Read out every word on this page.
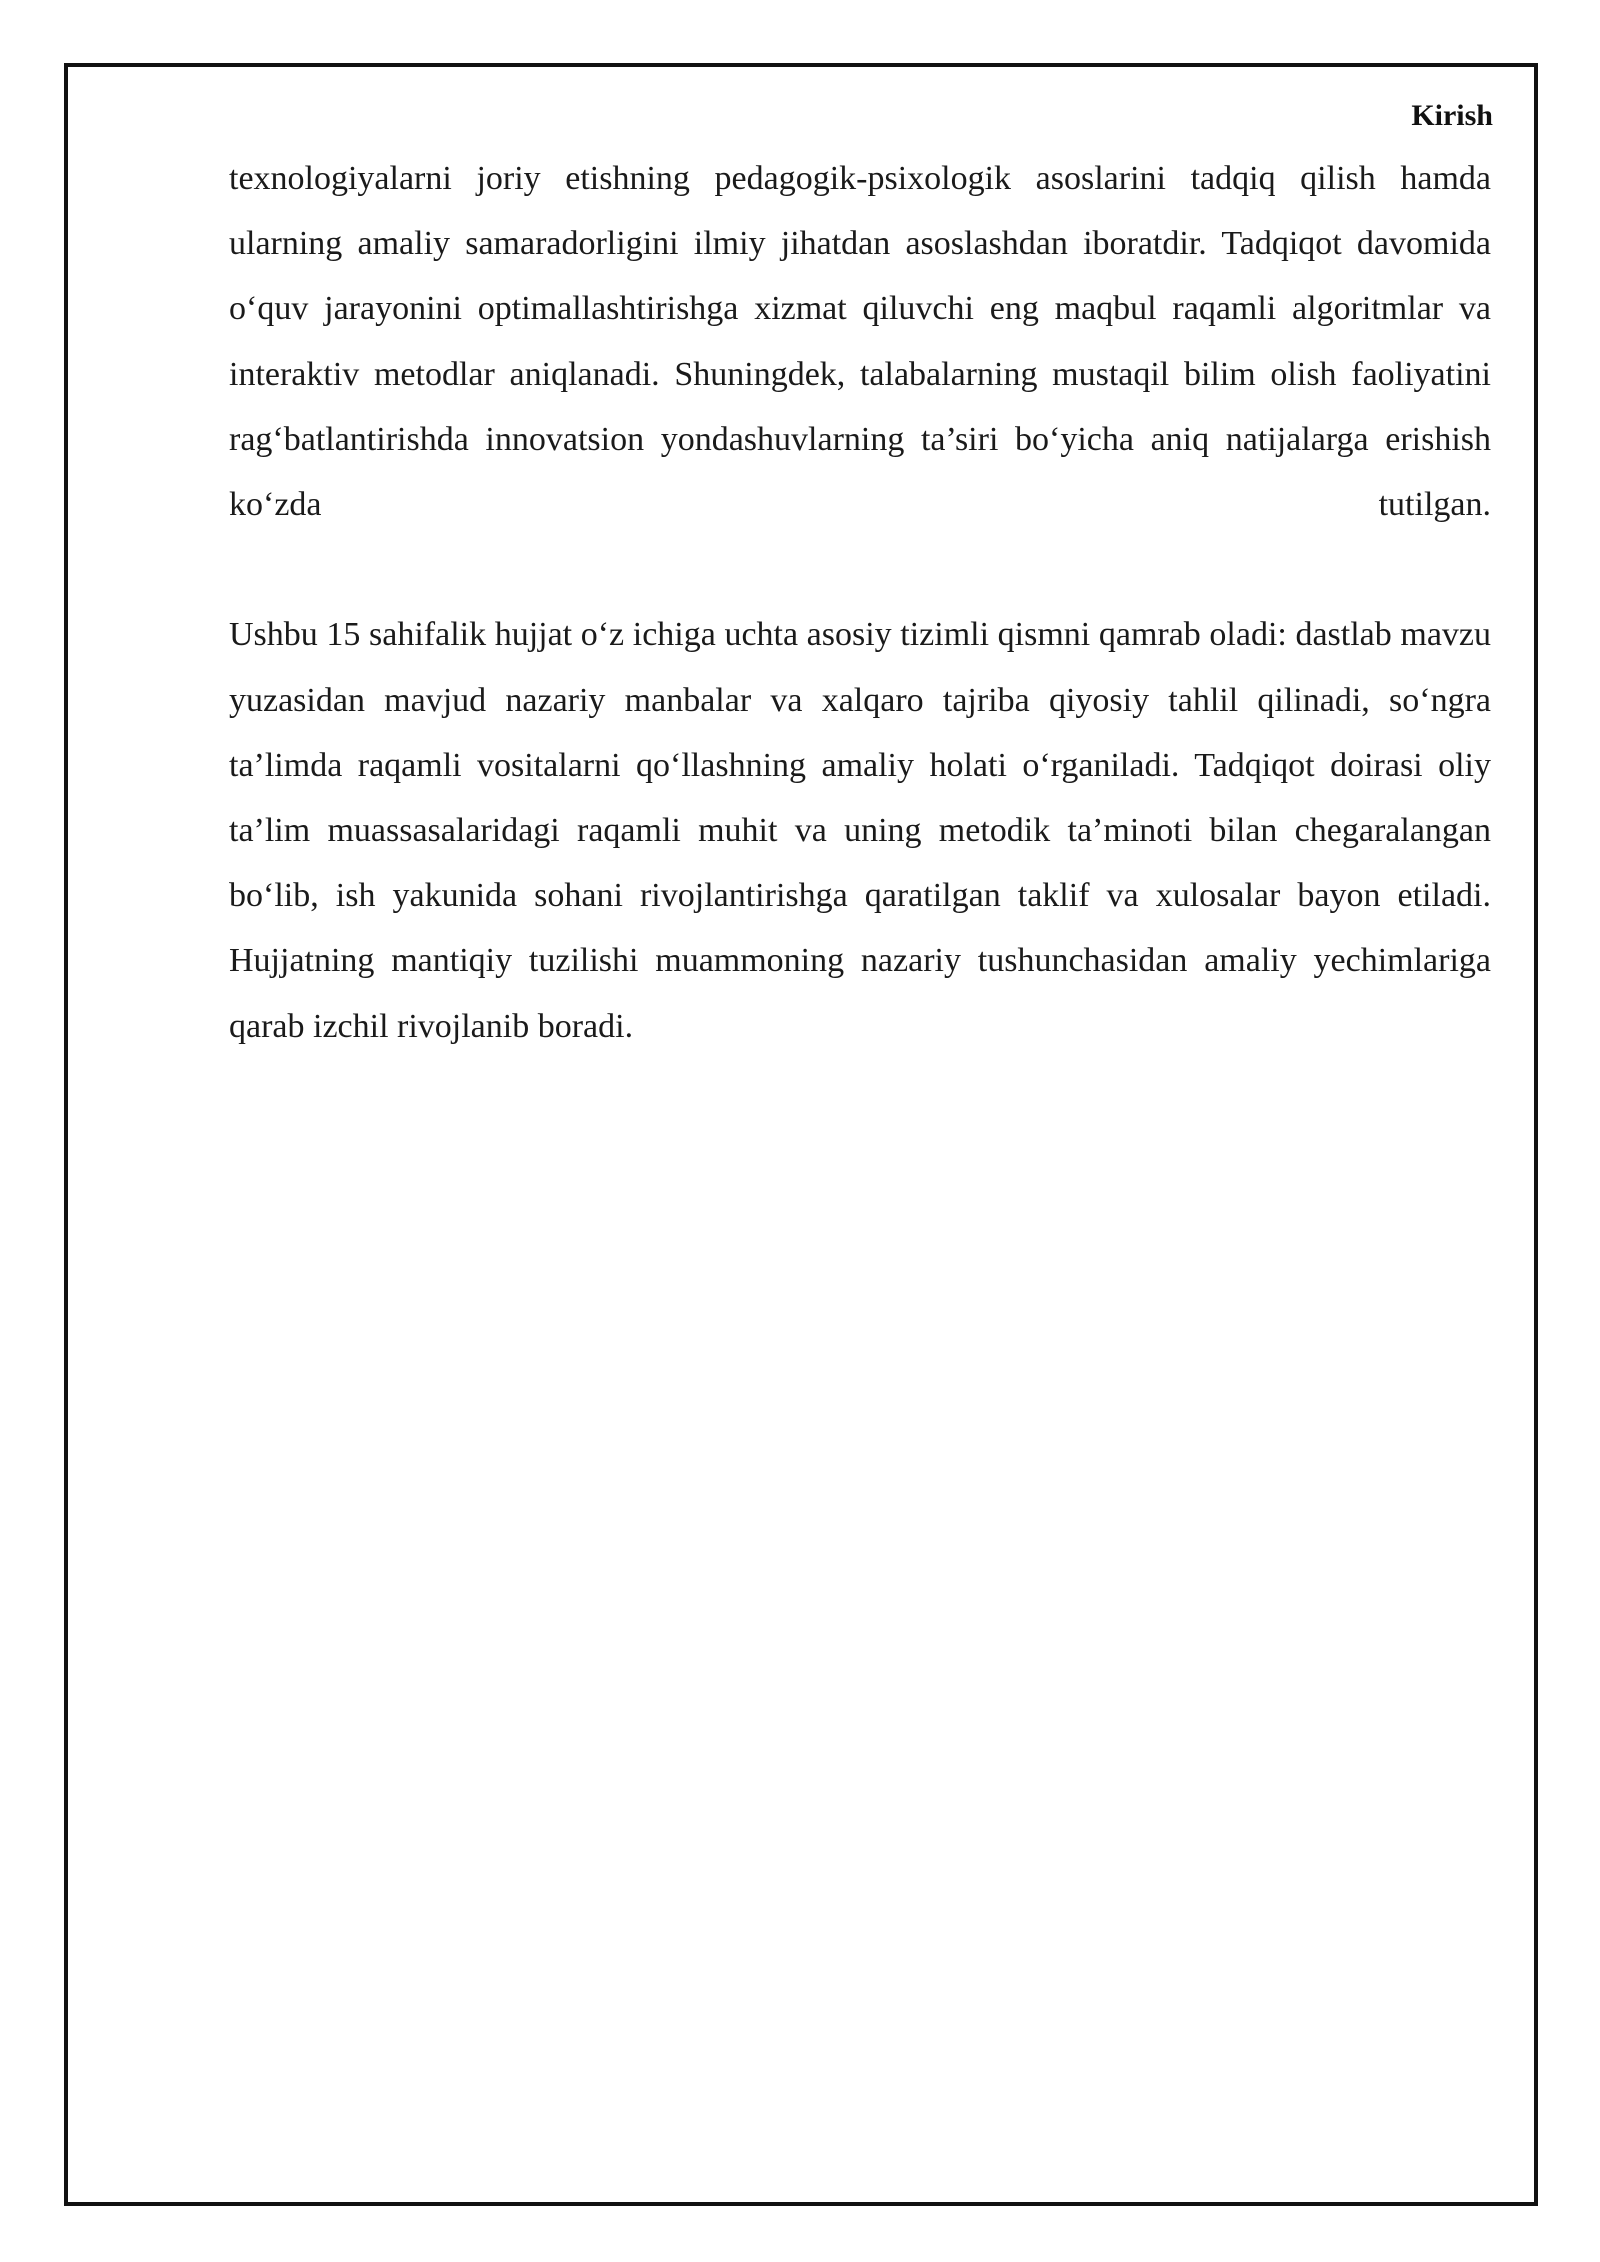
Kirish

texnologiyalarni joriy etishning pedagogik-psixologik asoslarini tadqiq qilish hamda ularning amaliy samaradorligini ilmiy jihatdan asoslashdan iboratdir. Tadqiqot davomida o‘quv jarayonini optimallashtirishga xizmat qiluvchi eng maqbul raqamli algoritmlar va interaktiv metodlar aniqlanadi. Shuningdek, talabalarning mustaqil bilim olish faoliyatini rag‘batlantirishda innovatsion yondashuvlarning ta’siri bo‘yicha aniq natijalarga erishish ko‘zda tutilgan.

Ushbu 15 sahifalik hujjat o‘z ichiga uchta asosiy tizimli qismni qamrab oladi: dastlab mavzu yuzasidan mavjud nazariy manbalar va xalqaro tajriba qiyosiy tahlil qilinadi, so‘ngra ta’limda raqamli vositalarni qo‘llashning amaliy holati o‘rganiladi. Tadqiqot doirasi oliy ta’lim muassasalaridagi raqamli muhit va uning metodik ta’minoti bilan chegaralangan bo‘lib, ish yakunida sohani rivojlantirishga qaratilgan taklif va xulosalar bayon etiladi. Hujjatning mantiqiy tuzilishi muammoning nazariy tushunchasidan amaliy yechimlariga qarab izchil rivojlanib boradi.
